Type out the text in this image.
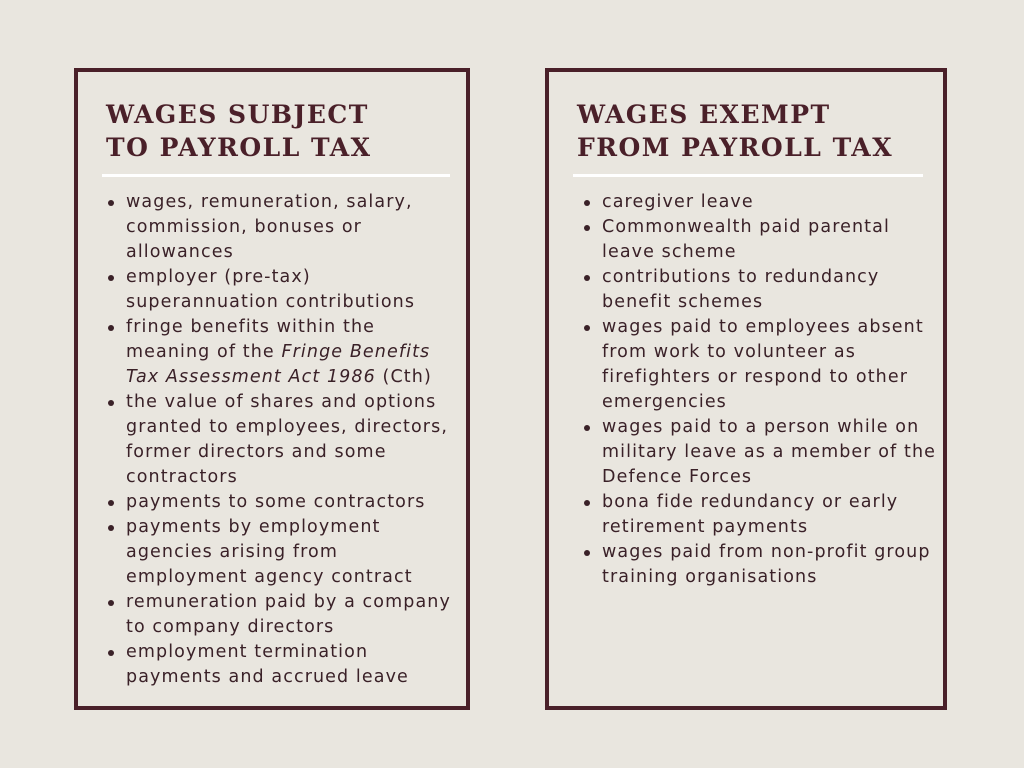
WAGES SUBJECT
TO PAYROLL TAX
wages, remuneration, salary, commission, bonuses or allowances
employer (pre-tax) superannuation contributions
fringe benefits within the meaning of the Fringe Benefits Tax Assessment Act 1986 (Cth)
the value of shares and options granted to employees, directors, former directors and some contractors
payments to some contractors
payments by employment agencies arising from employment agency contract
remuneration paid by a company to company directors
employment termination payments and accrued leave
WAGES EXEMPT
FROM PAYROLL TAX
caregiver leave
Commonwealth paid parental leave scheme
contributions to redundancy benefit schemes
wages paid to employees absent from work to volunteer as firefighters or respond to other emergencies
wages paid to a person while on military leave as a member of the Defence Forces
bona fide redundancy or early retirement payments
wages paid from non-profit group training organisations
